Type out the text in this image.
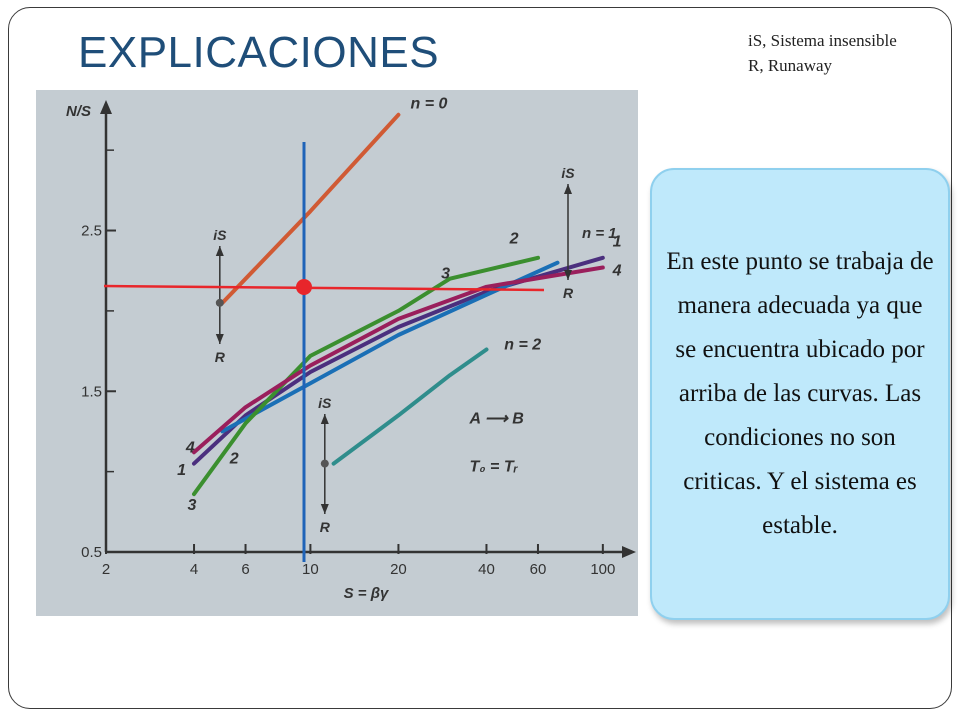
EXPLICACIONES	iS, Sistema insensible
R, Runaway
2	4	6	10	20	40 60	100
0.5
1.5
2.5
N/S
S = βγ
n = 0
2
3
1
4
n = 2
4
1
2
3
A ⟶ B
T₀ = Tᵣ
iS
R
iS
R
iS
R
n = 1
En este punto se trabaja de manera adecuada ya que se encuentra ubicado por arriba de las curvas. Las condiciones no son criticas. Y el sistema es estable.
